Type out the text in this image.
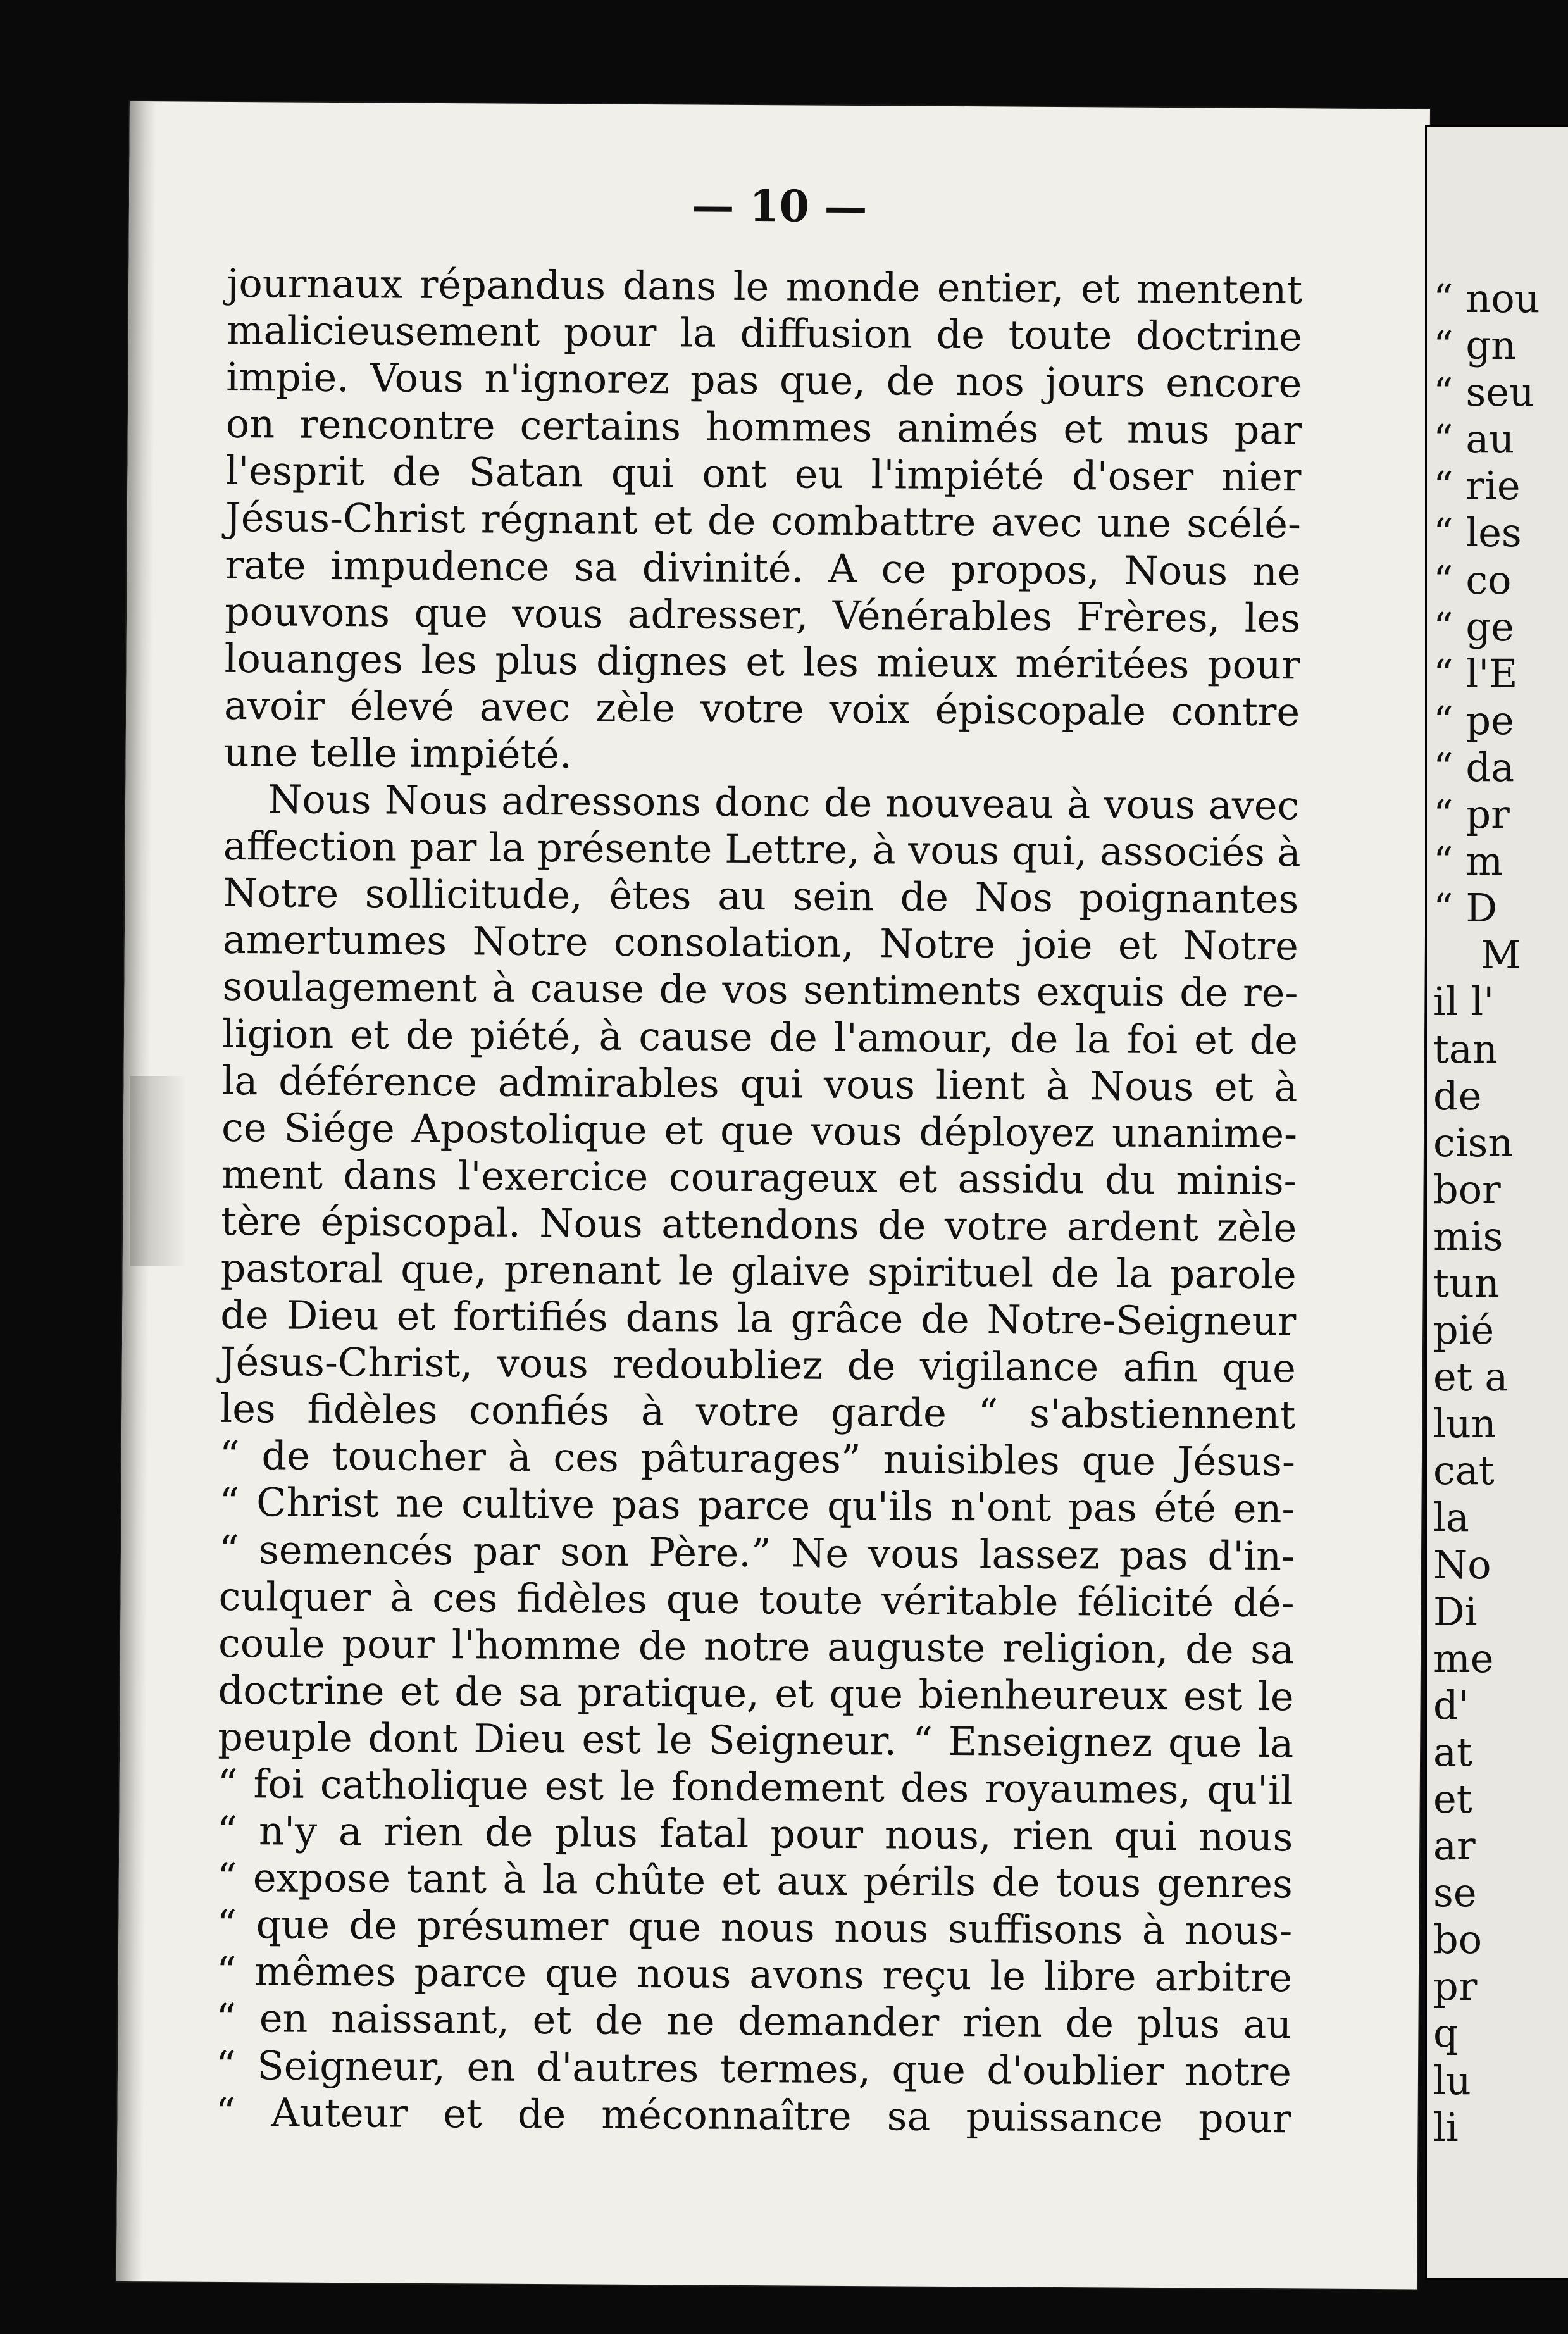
— 10 —
journaux répandus dans le monde entier, et mentent
malicieusement pour la diffusion de toute doctrine
impie. Vous n'ignorez pas que, de nos jours encore
on rencontre certains hommes animés et mus par
l'esprit de Satan qui ont eu l'impiété d'oser nier
Jésus-Christ régnant et de combattre avec une scélé-
rate impudence sa divinité. A ce propos, Nous ne
pouvons que vous adresser, Vénérables Frères, les
louanges les plus dignes et les mieux méritées pour
avoir élevé avec zèle votre voix épiscopale contre
une telle impiété.
Nous Nous adressons donc de nouveau à vous avec
affection par la présente Lettre, à vous qui, associés à
Notre sollicitude, êtes au sein de Nos poignantes
amertumes Notre consolation, Notre joie et Notre
soulagement à cause de vos sentiments exquis de re-
ligion et de piété, à cause de l'amour, de la foi et de
la déférence admirables qui vous lient à Nous et à
ce Siége Apostolique et que vous déployez unanime-
ment dans l'exercice courageux et assidu du minis-
tère épiscopal. Nous attendons de votre ardent zèle
pastoral que, prenant le glaive spirituel de la parole
de Dieu et fortifiés dans la grâce de Notre-Seigneur
Jésus-Christ, vous redoubliez de vigilance afin que
les fidèles confiés à votre garde “ s'abstiennent
“ de toucher à ces pâturages” nuisibles que Jésus-
“ Christ ne cultive pas parce qu'ils n'ont pas été en-
“ semencés par son Père.” Ne vous lassez pas d'in-
culquer à ces fidèles que toute véritable félicité dé-
coule pour l'homme de notre auguste religion, de sa
doctrine et de sa pratique, et que bienheureux est le
peuple dont Dieu est le Seigneur. “ Enseignez que la
“ foi catholique est le fondement des royaumes, qu'il
“ n'y a rien de plus fatal pour nous, rien qui nous
“ expose tant à la chûte et aux périls de tous genres
“ que de présumer que nous nous suffisons à nous-
“ mêmes parce que nous avons reçu le libre arbitre
“ en naissant, et de ne demander rien de plus au
“ Seigneur, en d'autres termes, que d'oublier notre
“ Auteur et de méconnaître sa puissance pour
“ nou
“ gn
“ seu
“ au
“ rie
“ les
“ co
“ ge
“ l'E
“ pe
“ da
“ pr
“ m
“ D
M
il l'
tan
de
cisn
bor
mis
tun
pié
et a
lun
cat
la
No
Di
me
d'
at
et
ar
se
bo
pr
q
lu
li
